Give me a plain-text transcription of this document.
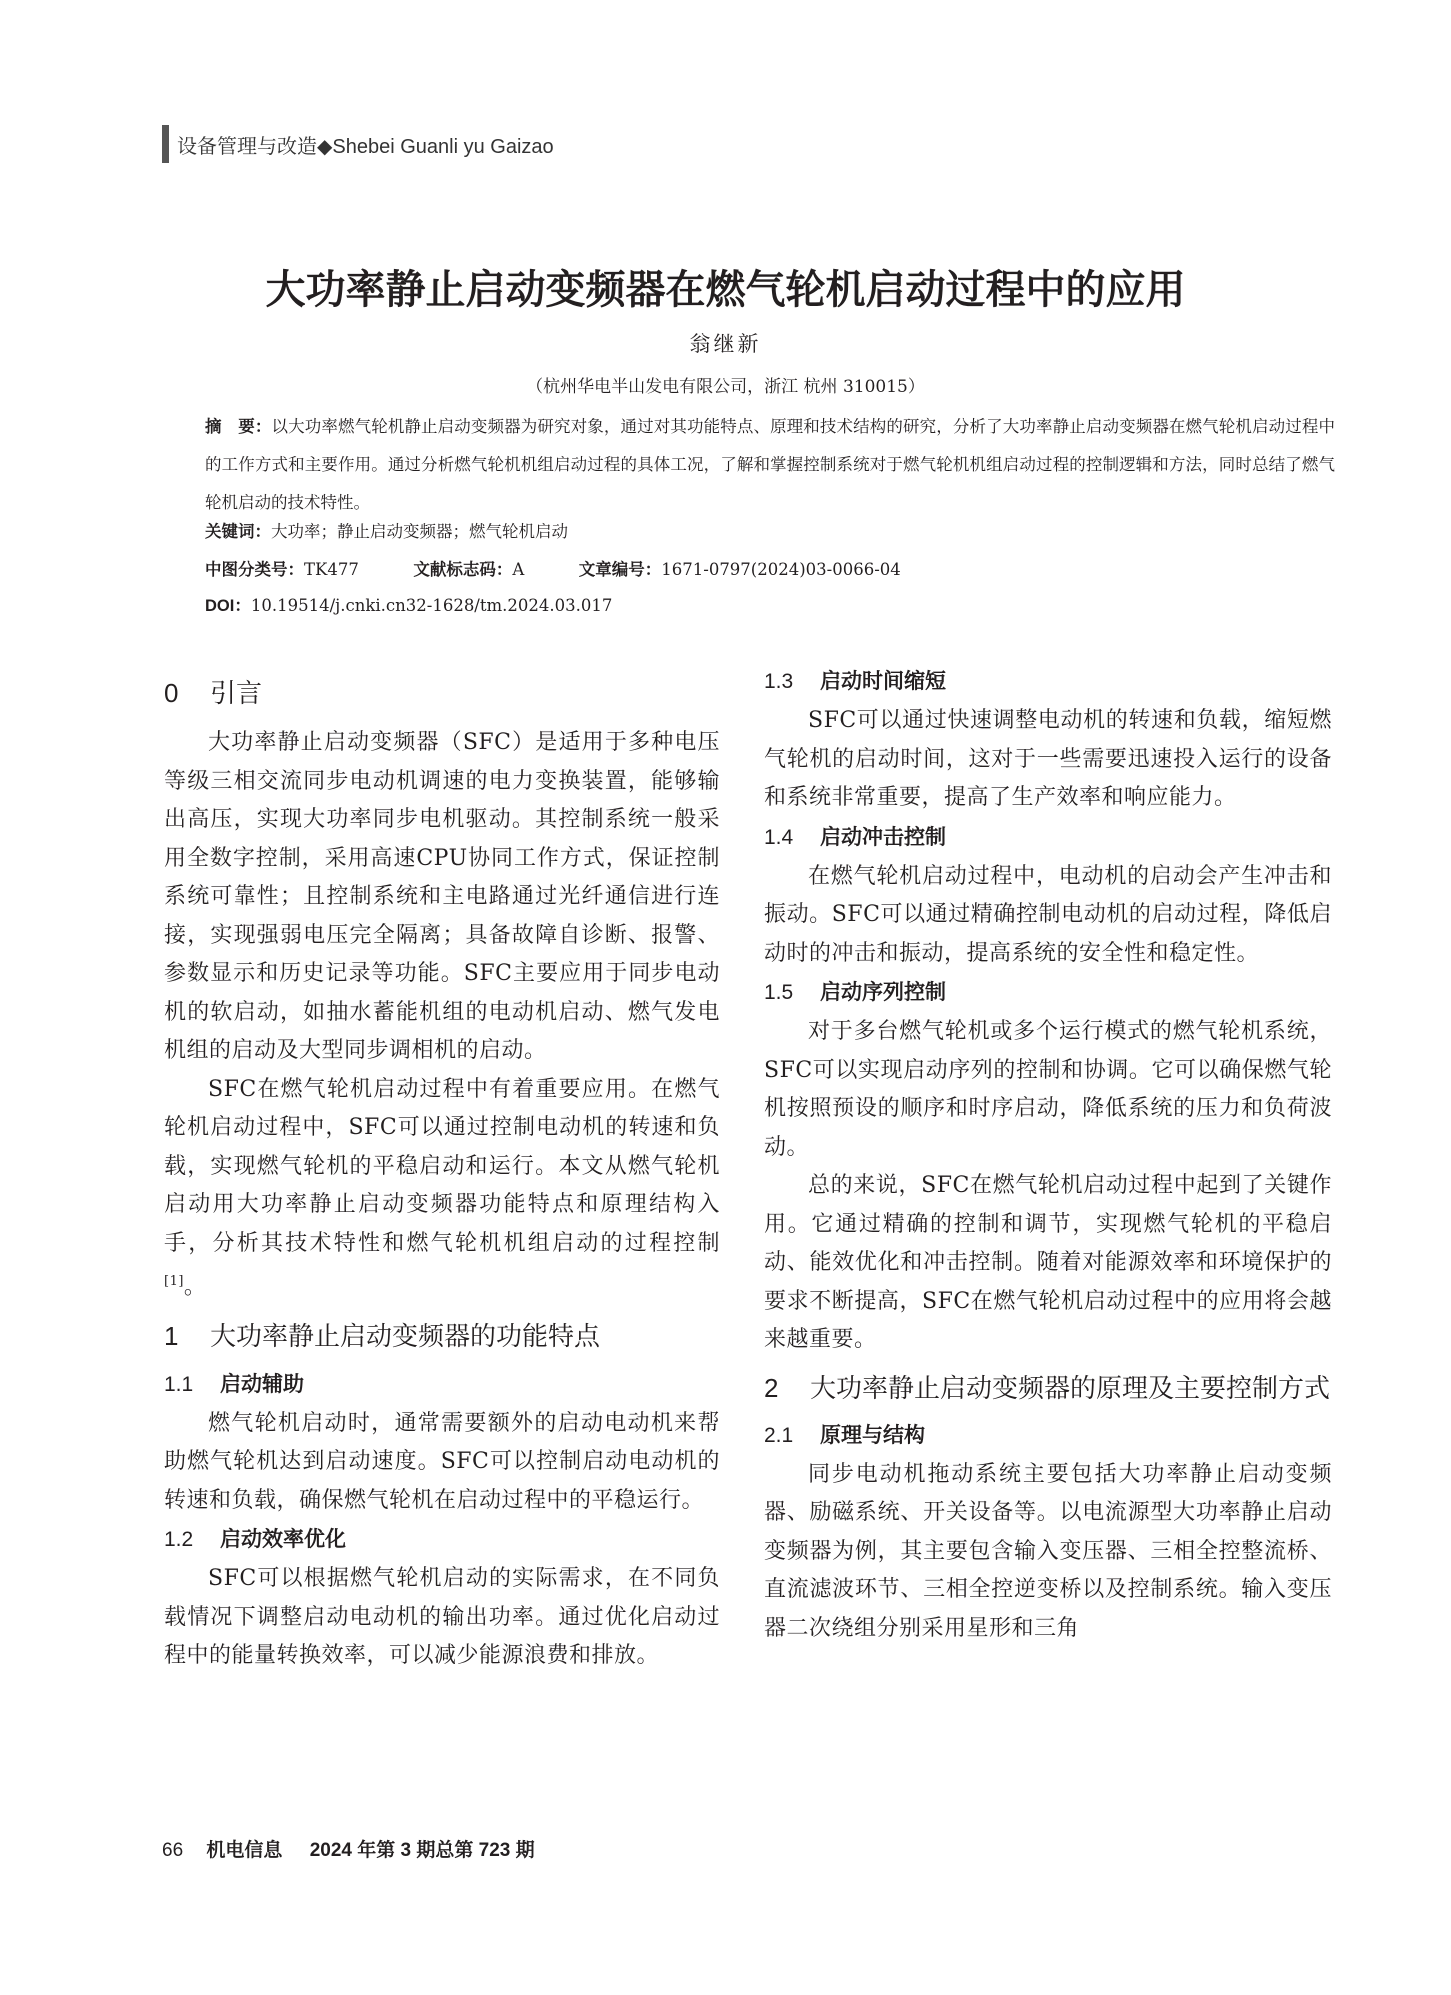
设备管理与改造◆Shebei Guanli yu Gaizao
大功率静止启动变频器在燃气轮机启动过程中的应用
翁继新
（杭州华电半山发电有限公司，浙江 杭州 310015）
摘　要：以大功率燃气轮机静止启动变频器为研究对象，通过对其功能特点、原理和技术结构的研究，分析了大功率静止启动变频器在燃气轮机启动过程中的工作方式和主要作用。通过分析燃气轮机机组启动过程的具体工况，了解和掌握控制系统对于燃气轮机机组启动过程的控制逻辑和方法，同时总结了燃气轮机启动的技术特性。
关键词：大功率；静止启动变频器；燃气轮机启动
中图分类号：TK477	文献标志码：A	文章编号：1671-0797(2024)03-0066-04
DOI：10.19514/j.cnki.cn32-1628/tm.2024.03.017
0 引言

大功率静止启动变频器（SFC）是适用于多种电压等级三相交流同步电动机调速的电力变换装置，能够输出高压，实现大功率同步电机驱动。其控制系统一般采用全数字控制，采用高速CPU协同工作方式，保证控制系统可靠性；且控制系统和主电路通过光纤通信进行连接，实现强弱电压完全隔离；具备故障自诊断、报警、参数显示和历史记录等功能。SFC主要应用于同步电动机的软启动，如抽水蓄能机组的电动机启动、燃气发电机组的启动及大型同步调相机的启动。

SFC在燃气轮机启动过程中有着重要应用。在燃气轮机启动过程中，SFC可以通过控制电动机的转速和负载，实现燃气轮机的平稳启动和运行。本文从燃气轮机启动用大功率静止启动变频器功能特点和原理结构入手，分析其技术特性和燃气轮机机组启动的过程控制[1]。

1 大功率静止启动变频器的功能特点
1.1 启动辅助

燃气轮机启动时，通常需要额外的启动电动机来帮助燃气轮机达到启动速度。SFC可以控制启动电动机的转速和负载，确保燃气轮机在启动过程中的平稳运行。

1.2 启动效率优化

SFC可以根据燃气轮机启动的实际需求，在不同负载情况下调整启动电动机的输出功率。通过优化启动过程中的能量转换效率，可以减少能源浪费和排放。

1.3 启动时间缩短

SFC可以通过快速调整电动机的转速和负载，缩短燃气轮机的启动时间，这对于一些需要迅速投入运行的设备和系统非常重要，提高了生产效率和响应能力。

1.4 启动冲击控制

在燃气轮机启动过程中，电动机的启动会产生冲击和振动。SFC可以通过精确控制电动机的启动过程，降低启动时的冲击和振动，提高系统的安全性和稳定性。

1.5 启动序列控制

对于多台燃气轮机或多个运行模式的燃气轮机系统，SFC可以实现启动序列的控制和协调。它可以确保燃气轮机按照预设的顺序和时序启动，降低系统的压力和负荷波动。

总的来说，SFC在燃气轮机启动过程中起到了关键作用。它通过精确的控制和调节，实现燃气轮机的平稳启动、能效优化和冲击控制。随着对能源效率和环境保护的要求不断提高，SFC在燃气轮机启动过程中的应用将会越来越重要。

2 大功率静止启动变频器的原理及主要控制方式
2.1 原理与结构

同步电动机拖动系统主要包括大功率静止启动变频器、励磁系统、开关设备等。以电流源型大功率静止启动变频器为例，其主要包含输入变压器、三相全控整流桥、直流滤波环节、三相全控逆变桥以及控制系统。输入变压器二次绕组分别采用星形和三角

66 机电信息 2024 年第 3 期总第 723 期
